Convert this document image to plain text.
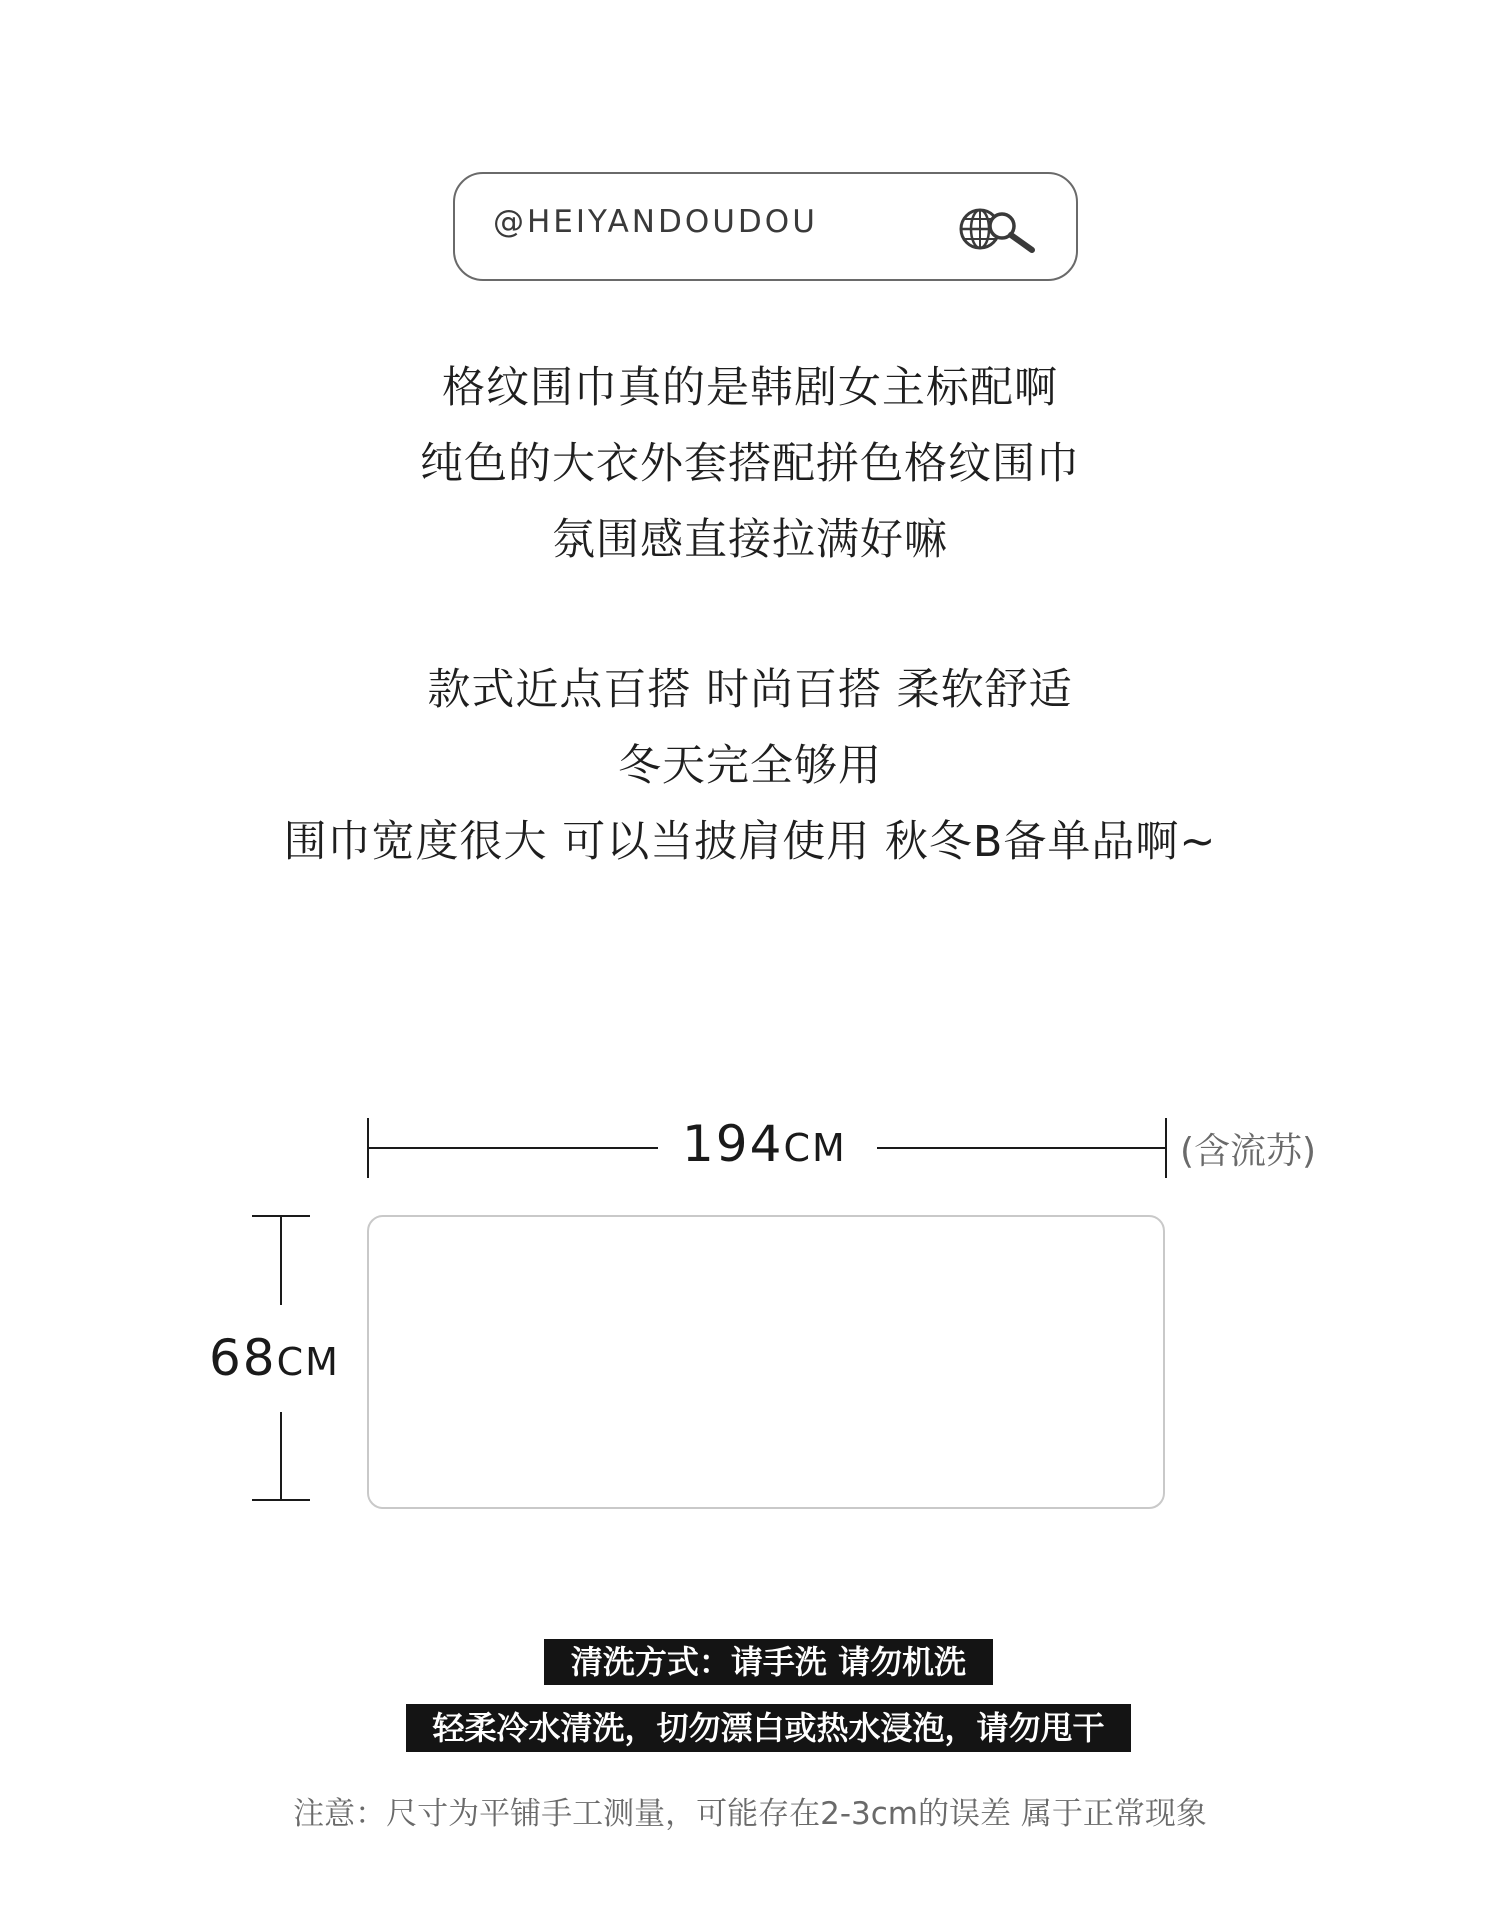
@HEIYANDOUDOU
格纹围巾真的是韩剧女主标配啊
纯色的大衣外套搭配拼色格纹围巾
氛围感直接拉满好嘛
款式近点百搭 时尚百搭 柔软舒适
冬天完全够用
围巾宽度很大 可以当披肩使用 秋冬B备单品啊~
194CM	(含流苏)
68CM
清洗方式：请手洗 请勿机洗
轻柔冷水清洗，切勿漂白或热水浸泡，请勿甩干
注意：尺寸为平铺手工测量，可能存在2-3cm的误差 属于正常现象
